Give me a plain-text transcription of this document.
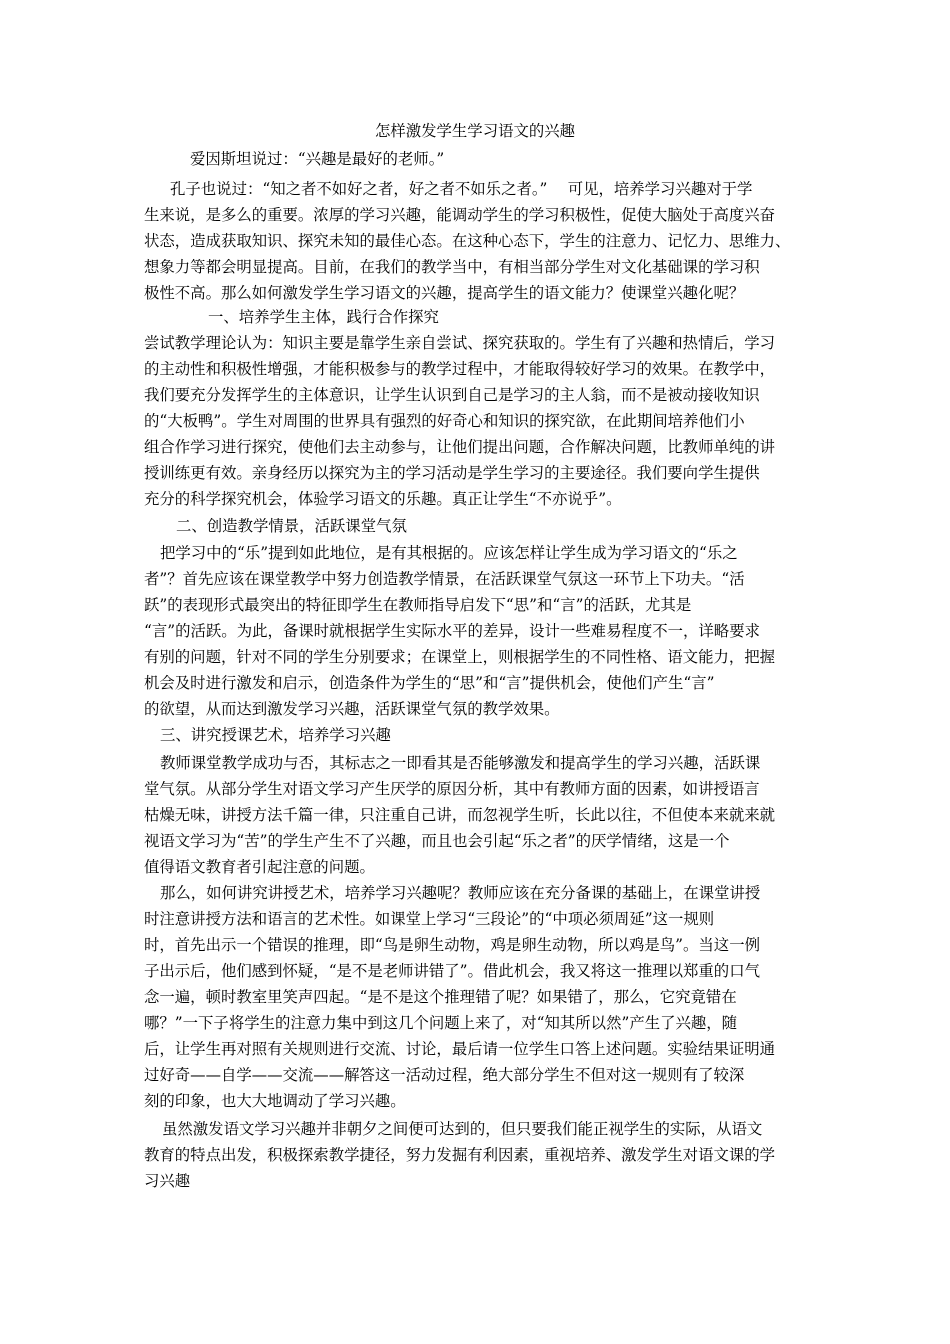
怎样激发学生学习语文的兴趣
爱因斯坦说过：“兴趣是最好的老师。”
孔子也说过：“知之者不如好之者，好之者不如乐之者。”　 可见，培养学习兴趣对于学
生来说，是多么的重要。浓厚的学习兴趣，能调动学生的学习积极性，促使大脑处于高度兴奋
状态，造成获取知识、探究未知的最佳心态。在这种心态下，学生的注意力、记忆力、思维力、
想象力等都会明显提高。目前，在我们的教学当中，有相当部分学生对文化基础课的学习积
极性不高。那么如何激发学生学习语文的兴趣，提高学生的语文能力？使课堂兴趣化呢？
一、培养学生主体，践行合作探究
尝试教学理论认为：知识主要是靠学生亲自尝试、探究获取的。学生有了兴趣和热情后，学习
的主动性和积极性增强，才能积极参与的教学过程中，才能取得较好学习的效果。在教学中，
我们要充分发挥学生的主体意识，让学生认识到自己是学习的主人翁，而不是被动接收知识
的“大板鸭”。学生对周围的世界具有强烈的好奇心和知识的探究欲，在此期间培养他们小
组合作学习进行探究，使他们去主动参与，让他们提出问题，合作解决问题，比教师单纯的讲
授训练更有效。亲身经历以探究为主的学习活动是学生学习的主要途径。我们要向学生提供
充分的科学探究机会，体验学习语文的乐趣。真正让学生“不亦说乎”。
二、创造教学情景，活跃课堂气氛
把学习中的“乐”提到如此地位，是有其根据的。应该怎样让学生成为学习语文的“乐之
者”？首先应该在课堂教学中努力创造教学情景，在活跃课堂气氛这一环节上下功夫。“活
跃”的表现形式最突出的特征即学生在教师指导启发下“思”和“言”的活跃，尤其是
“言”的活跃。为此，备课时就根据学生实际水平的差异，设计一些难易程度不一，详略要求
有别的问题，针对不同的学生分别要求；在课堂上，则根据学生的不同性格、语文能力，把握
机会及时进行激发和启示，创造条件为学生的“思”和“言”提供机会，使他们产生“言”
的欲望，从而达到激发学习兴趣，活跃课堂气氛的教学效果。
三、讲究授课艺术，培养学习兴趣
教师课堂教学成功与否，其标志之一即看其是否能够激发和提高学生的学习兴趣，活跃课
堂气氛。从部分学生对语文学习产生厌学的原因分析，其中有教师方面的因素，如讲授语言
枯燥无味，讲授方法千篇一律，只注重自己讲，而忽视学生听，长此以往，不但使本来就来就
视语文学习为“苦”的学生产生不了兴趣，而且也会引起“乐之者”的厌学情绪，这是一个
值得语文教育者引起注意的问题。
那么，如何讲究讲授艺术，培养学习兴趣呢？教师应该在充分备课的基础上，在课堂讲授
时注意讲授方法和语言的艺术性。如课堂上学习“三段论”的“中项必须周延”这一规则
时，首先出示一个错误的推理，即“鸟是卵生动物，鸡是卵生动物，所以鸡是鸟”。当这一例
子出示后，他们感到怀疑，“是不是老师讲错了”。借此机会，我又将这一推理以郑重的口气
念一遍，顿时教室里笑声四起。“是不是这个推理错了呢？如果错了，那么，它究竟错在
哪？”一下子将学生的注意力集中到这几个问题上来了，对“知其所以然”产生了兴趣，随
后，让学生再对照有关规则进行交流、讨论，最后请一位学生口答上述问题。实验结果证明通
过好奇——自学——交流——解答这一活动过程，绝大部分学生不但对这一规则有了较深
刻的印象，也大大地调动了学习兴趣。
虽然激发语文学习兴趣并非朝夕之间便可达到的，但只要我们能正视学生的实际，从语文
教育的特点出发，积极探索教学捷径，努力发掘有利因素，重视培养、激发学生对语文课的学
习兴趣
